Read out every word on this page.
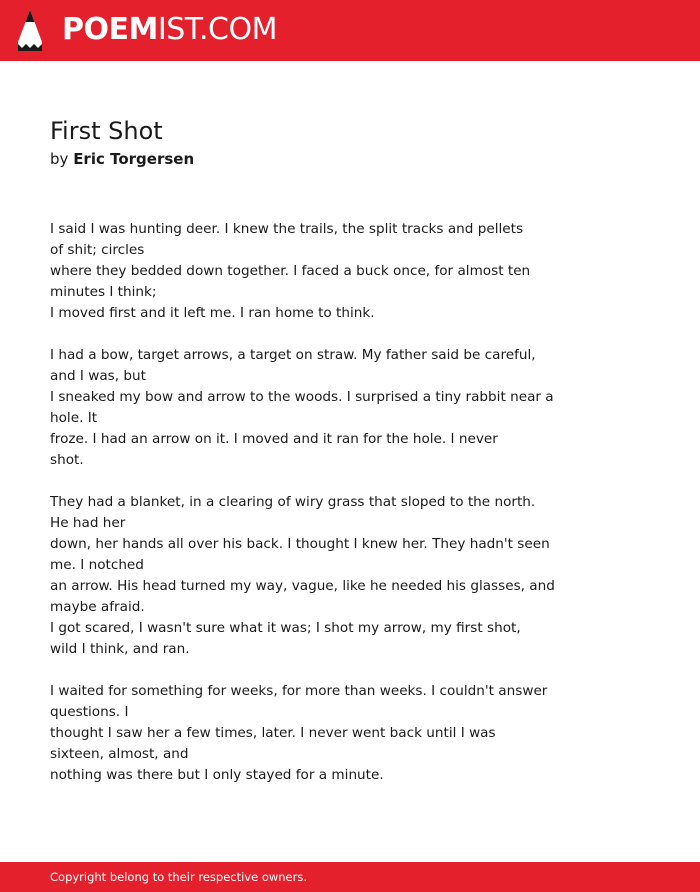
POEMIST.COM
First Shot
by Eric Torgersen
I said I was hunting deer. I knew the trails, the split tracks and pellets
of shit; circles
where they bedded down together. I faced a buck once, for almost ten
minutes I think;
I moved first and it left me. I ran home to think.
I had a bow, target arrows, a target on straw. My father said be careful,
and I was, but
I sneaked my bow and arrow to the woods. I surprised a tiny rabbit near a
hole. It
froze. I had an arrow on it. I moved and it ran for the hole. I never
shot.
They had a blanket, in a clearing of wiry grass that sloped to the north.
He had her
down, her hands all over his back. I thought I knew her. They hadn't seen
me. I notched
an arrow. His head turned my way, vague, like he needed his glasses, and
maybe afraid.
I got scared, I wasn't sure what it was; I shot my arrow, my first shot,
wild I think, and ran.
I waited for something for weeks, for more than weeks. I couldn't answer
questions. I
thought I saw her a few times, later. I never went back until I was
sixteen, almost, and
nothing was there but I only stayed for a minute.
Copyright belong to their respective owners.
